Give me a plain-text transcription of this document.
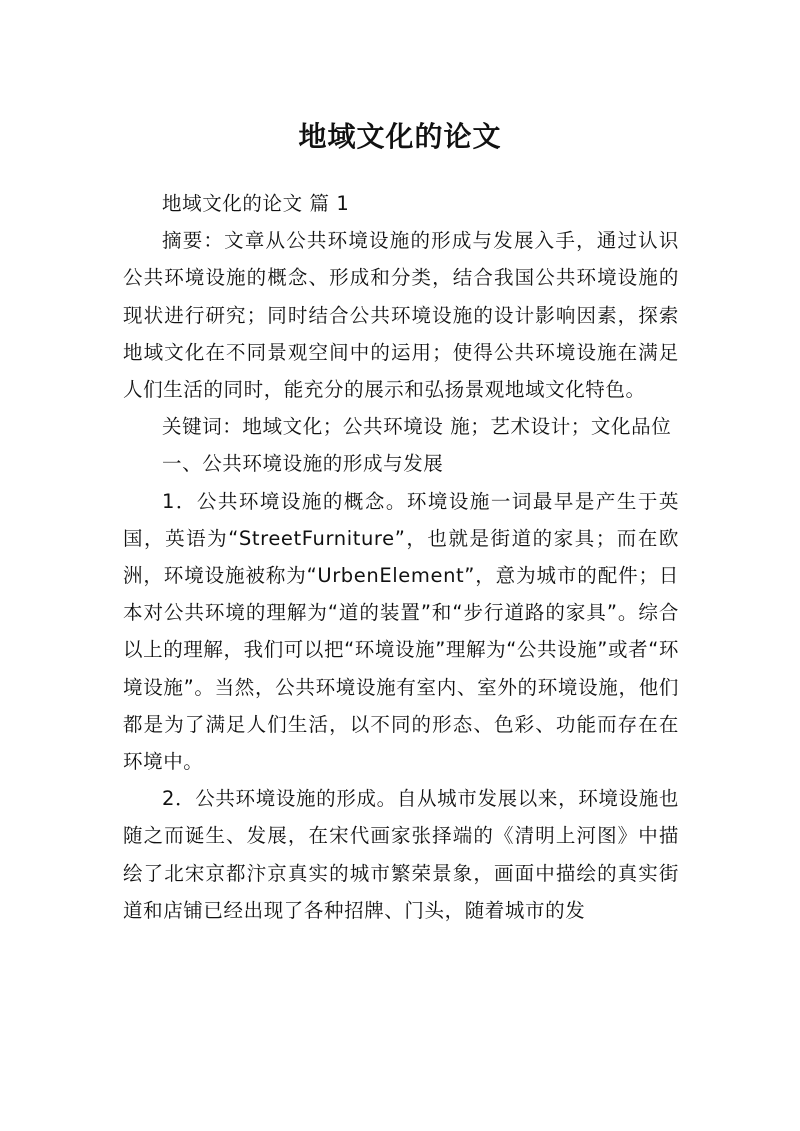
地域文化的论文

地域文化的论文 篇 1

摘要：文章从公共环境设施的形成与发展入手，通过认识公共环境设施的概念、形成和分类，结合我国公共环境设施的现状进行研究；同时结合公共环境设施的设计影响因素，探索地域文化在不同景观空间中的运用；使得公共环境设施在满足人们生活的同时，能充分的展示和弘扬景观地域文化特色。

关键词：地域文化；公共环境设 施；艺术设计；文化品位

一、公共环境设施的形成与发展

1．公共环境设施的概念。环境设施一词最早是产生于英国，英语为“StreetFurniture”，也就是街道的家具；而在欧洲，环境设施被称为“UrbenElement”，意为城市的配件；日本对公共环境的理解为“道的装置”和“步行道路的家具”。综合以上的理解，我们可以把“环境设施”理解为“公共设施”或者“环境设施”。当然，公共环境设施有室内、室外的环境设施，他们都是为了满足人们生活，以不同的形态、色彩、功能而存在在环境中。

2．公共环境设施的形成。自从城市发展以来，环境设施也随之而诞生、发展，在宋代画家张择端的《清明上河图》中描绘了北宋京都汴京真实的城市繁荣景象，画面中描绘的真实街道和店铺已经出现了各种招牌、门头，随着城市的发
